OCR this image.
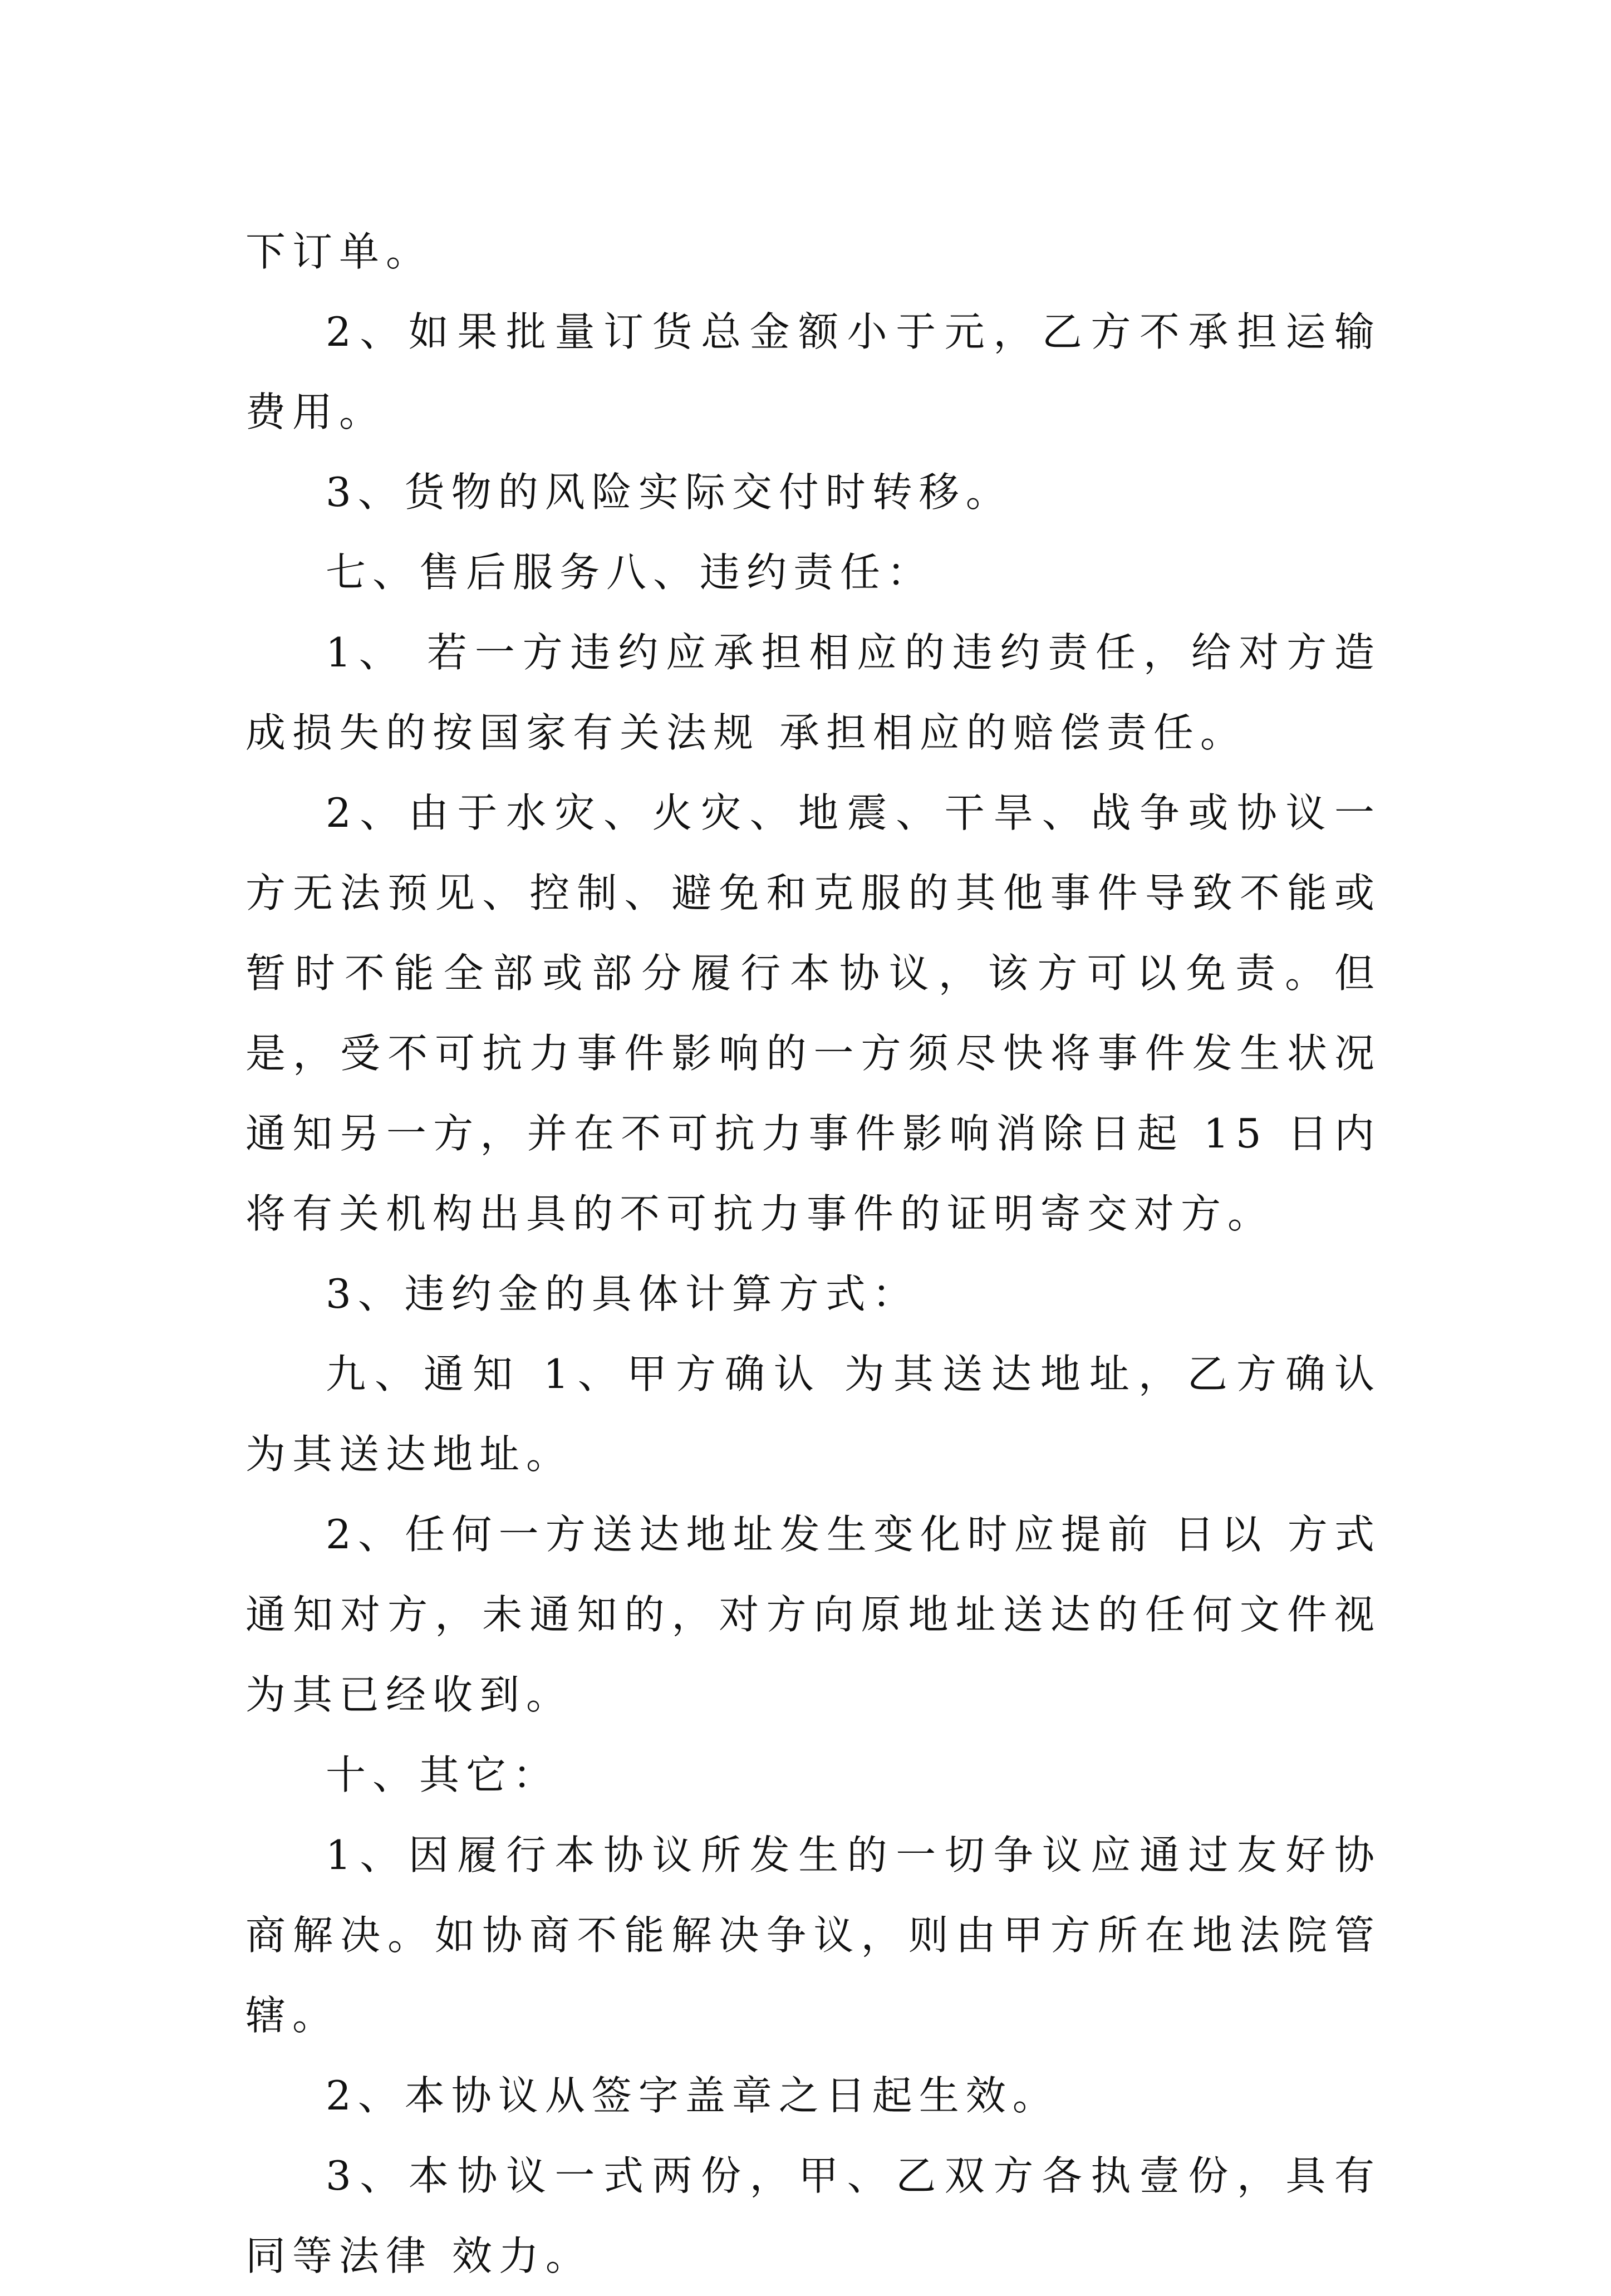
下订单。

2、如果批量订货总金额小于元，乙方不承担运输费用。

3、货物的风险实际交付时转移。

七、售后服务八、违约责任：

1、 若一方违约应承担相应的违约责任，给对方造成损失的按国家有关法规 承担相应的赔偿责任。

2、由于水灾、火灾、地震、干旱、战争或协议一方无法预见、控制、避免和克服的其他事件导致不能或暂时不能全部或部分履行本协议，该方可以免责。但是，受不可抗力事件影响的一方须尽快将事件发生状况通知另一方，并在不可抗力事件影响消除日起 15 日内将有关机构出具的不可抗力事件的证明寄交对方。

3、违约金的具体计算方式：

九、通知 1、甲方确认 为其送达地址，乙方确认 为其送达地址。

2、任何一方送达地址发生变化时应提前 日以 方式通知对方，未通知的，对方向原地址送达的任何文件视为其已经收到。

十、其它：

1、因履行本协议所发生的一切争议应通过友好协商解决。如协商不能解决争议，则由甲方所在地法院管辖。

2、本协议从签字盖章之日起生效。

3、本协议一式两份，甲、乙双方各执壹份，具有同等法律 效力。
